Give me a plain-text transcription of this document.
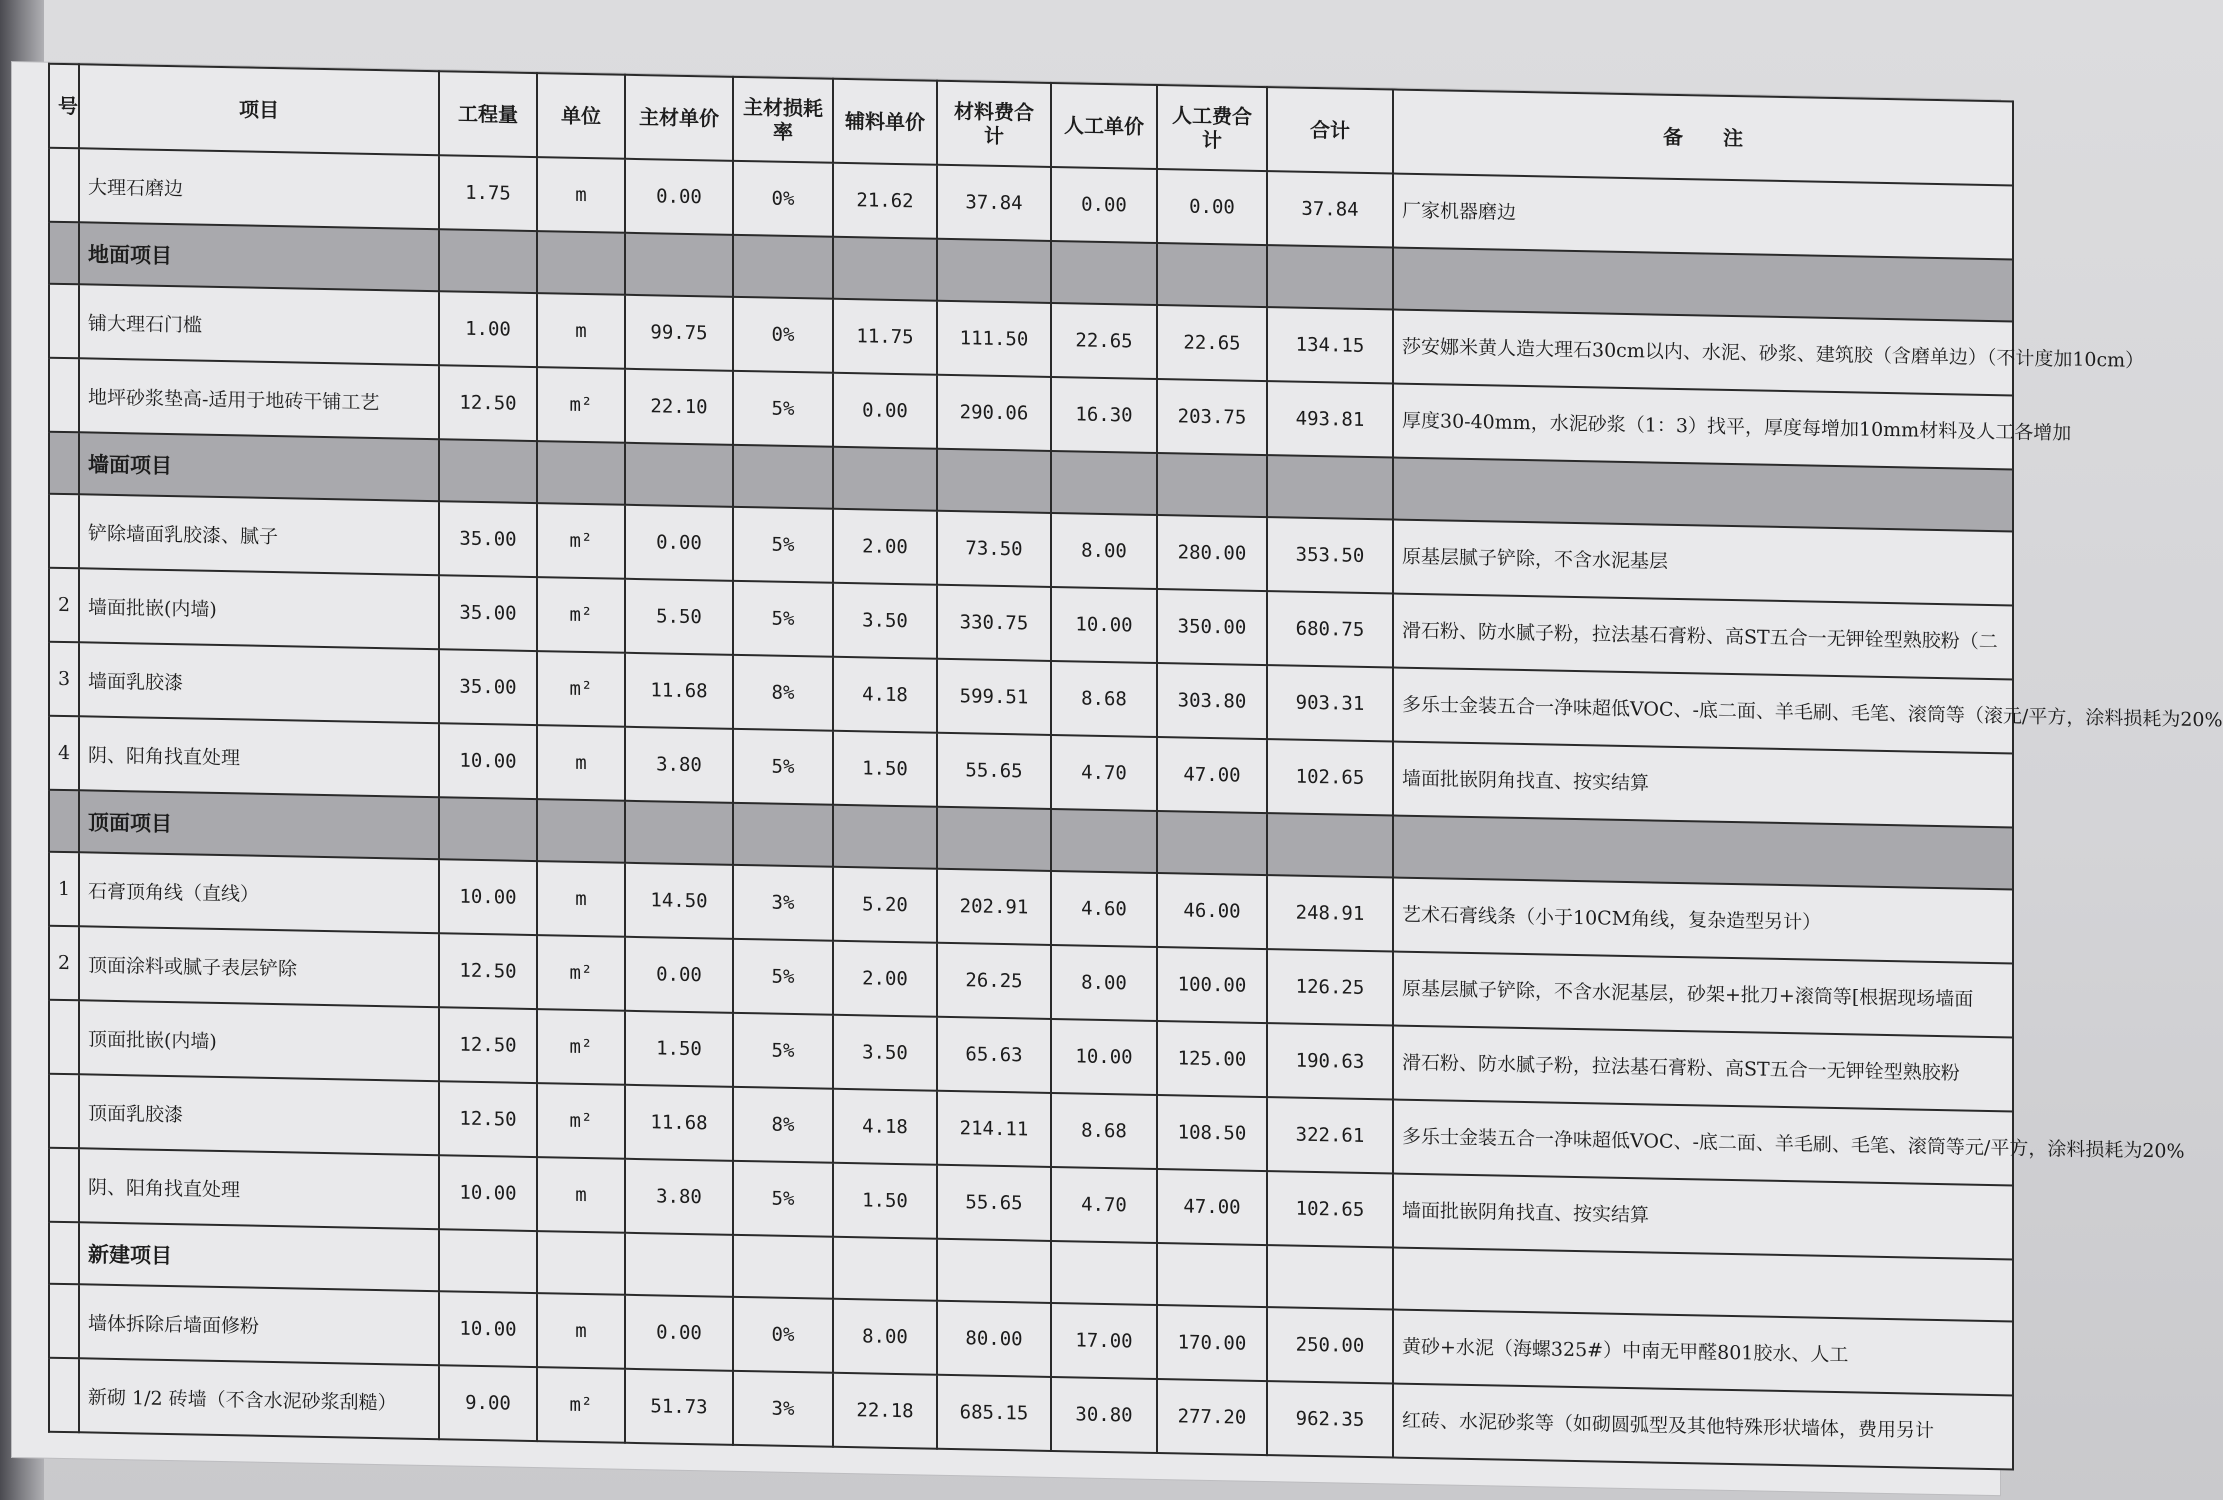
号	项目	工程量	单位	主材单价	主材损耗率	辅料单价	材料费合计	人工单价	人工费合计	合计	备　　注
	大理石磨边	1.75	m	0.00	0%	21.62	37.84	0.00	0.00	37.84	厂家机器磨边
	地面项目										
	铺大理石门槛	1.00	m	99.75	0%	11.75	111.50	22.65	22.65	134.15	莎安娜米黄人造大理石30cm以内、水泥、砂浆、建筑胶（含磨单边）（不计度加10cm）
	地坪砂浆垫高-适用于地砖干铺工艺	12.50	m²	22.10	5%	0.00	290.06	16.30	203.75	493.81	厚度30-40mm，水泥砂浆（1：3）找平，厚度每增加10mm材料及人工各增加
	墙面项目										
	铲除墙面乳胶漆、腻子	35.00	m²	0.00	5%	2.00	73.50	8.00	280.00	353.50	原基层腻子铲除，不含水泥基层
2	墙面批嵌(内墙)	35.00	m²	5.50	5%	3.50	330.75	10.00	350.00	680.75	滑石粉、防水腻子粉，拉法基石膏粉、高ST五合一无钾铨型熟胶粉（二
3	墙面乳胶漆	35.00	m²	11.68	8%	4.18	599.51	8.68	303.80	903.31	多乐士金装五合一净味超低VOC、-底二面、羊毛刷、毛笔、滚筒等（滚元/平方，涂料损耗为20%
4	阴、阳角找直处理	10.00	m	3.80	5%	1.50	55.65	4.70	47.00	102.65	墙面批嵌阴角找直、按实结算
	顶面项目										
1	石膏顶角线（直线）	10.00	m	14.50	3%	5.20	202.91	4.60	46.00	248.91	艺术石膏线条（小于10CM角线，复杂造型另计）
2	顶面涂料或腻子表层铲除	12.50	m²	0.00	5%	2.00	26.25	8.00	100.00	126.25	原基层腻子铲除，不含水泥基层，砂架+批刀+滚筒等[根据现场墙面
	顶面批嵌(内墙)	12.50	m²	1.50	5%	3.50	65.63	10.00	125.00	190.63	滑石粉、防水腻子粉，拉法基石膏粉、高ST五合一无钾铨型熟胶粉
	顶面乳胶漆	12.50	m²	11.68	8%	4.18	214.11	8.68	108.50	322.61	多乐士金装五合一净味超低VOC、-底二面、羊毛刷、毛笔、滚筒等元/平方，涂料损耗为20%
	阴、阳角找直处理	10.00	m	3.80	5%	1.50	55.65	4.70	47.00	102.65	墙面批嵌阴角找直、按实结算
	新建项目										
	墙体拆除后墙面修粉	10.00	m	0.00	0%	8.00	80.00	17.00	170.00	250.00	黄砂+水泥（海螺325#）中南无甲醛801胶水、人工
	新砌 1/2 砖墙（不含水泥砂浆刮糙）	9.00	m²	51.73	3%	22.18	685.15	30.80	277.20	962.35	红砖、水泥砂浆等（如砌圆弧型及其他特殊形状墙体，费用另计
